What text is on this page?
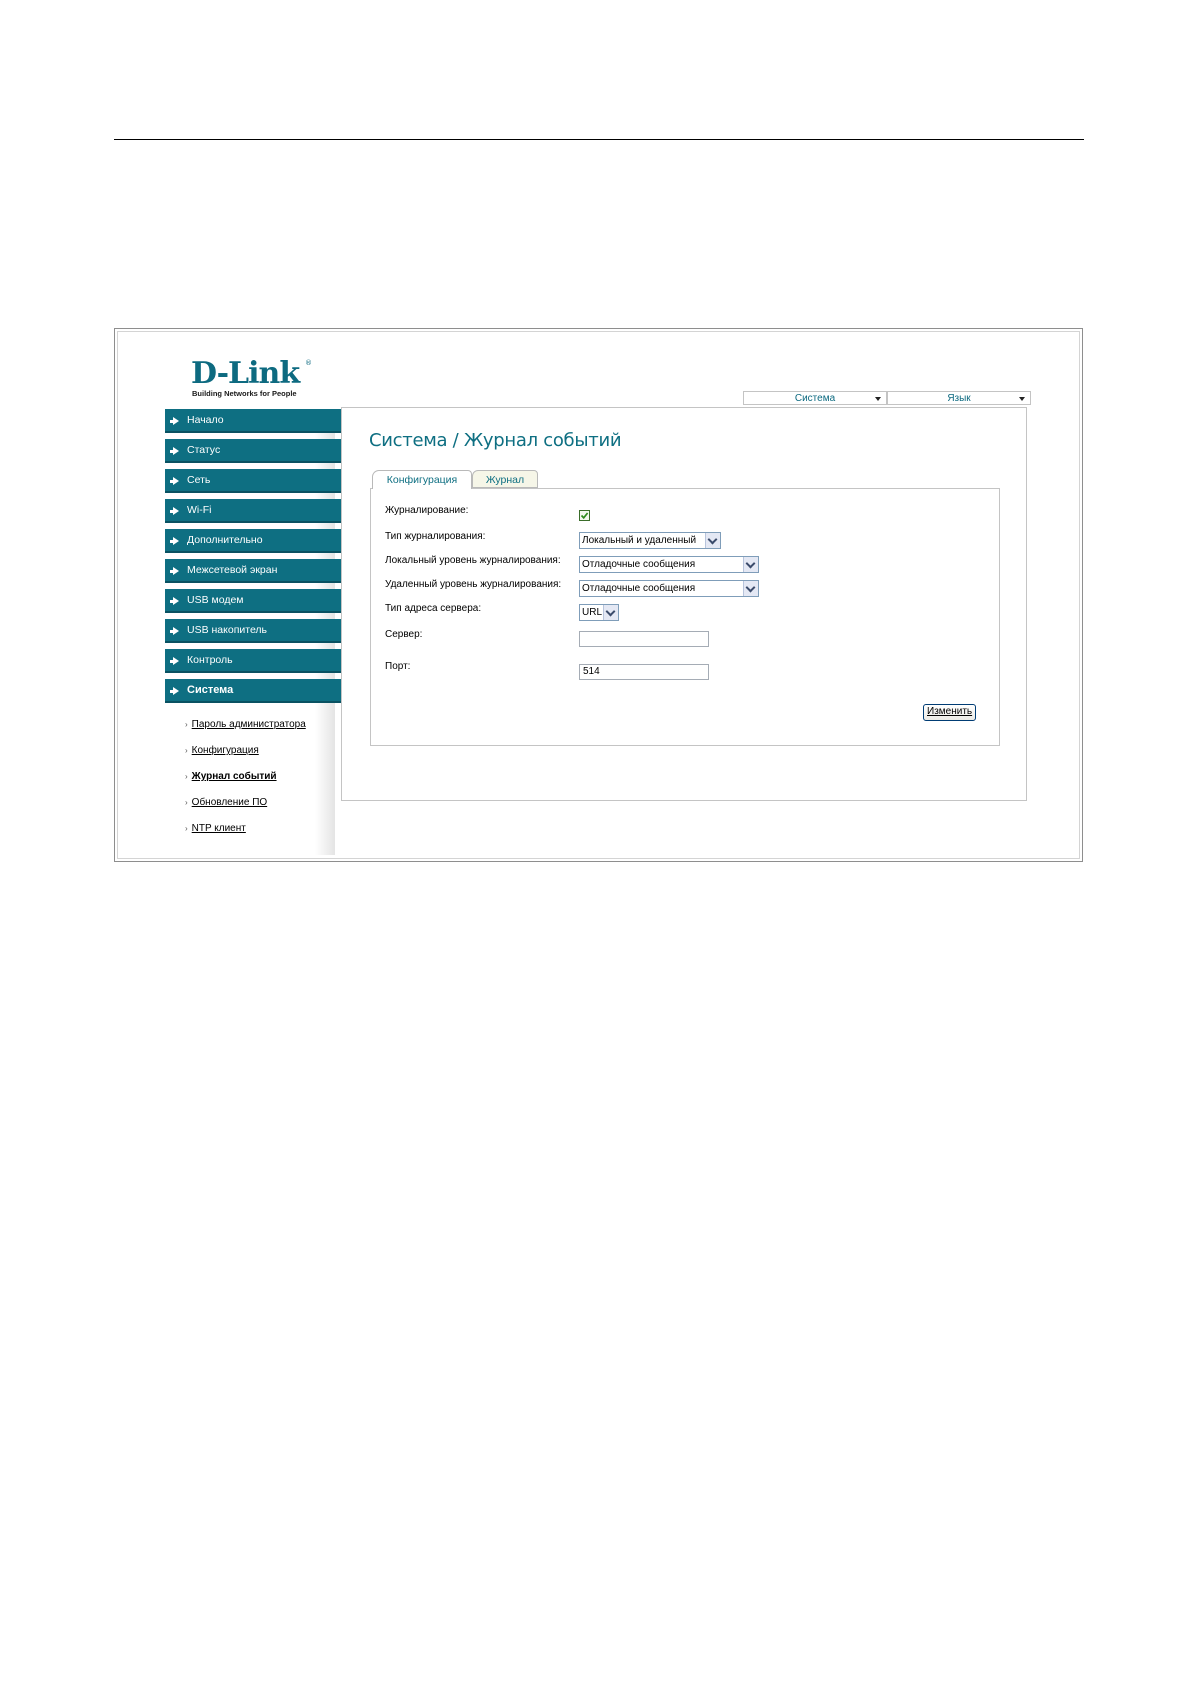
D-Link ®
Building Networks for People	Система	Язык
Начало
Статус
Сеть
Wi-Fi
Дополнительно
Межсетевой экран
USB модем
USB накопитель
Контроль
Система
› Пароль администратора
› Конфигурация
› Журнал событий
› Обновление ПО
› NTP клиент
Система / Журнал событий
Конфигурация	Журнал
Журналирование:
Тип журналирования:	Локальный и удаленный
Локальный уровень журналирования:	Отладочные сообщения
Удаленный уровень журналирования:	Отладочные сообщения
Тип адреса сервера:	URL
Сервер:
Порт:	514
Изменить
